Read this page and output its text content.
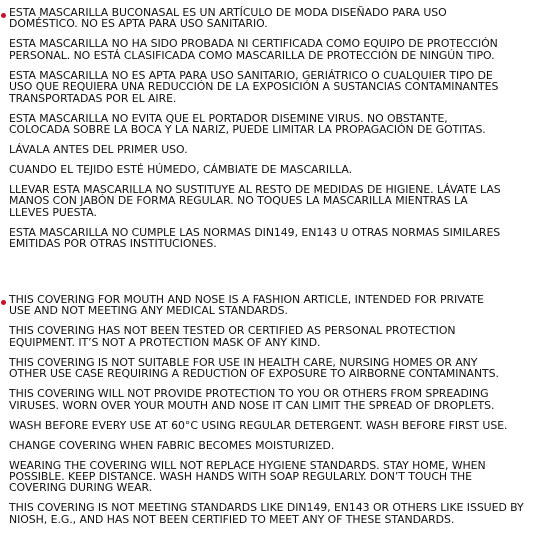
ESTA MASCARILLA BUCONASAL ES UN ARTÍCULO DE MODA DISEÑADO PARA USO
DOMÉSTICO. NO ES APTA PARA USO SANITARIO.

ESTA MASCARILLA NO HA SIDO PROBADA NI CERTIFICADA COMO EQUIPO DE PROTECCIÓN
PERSONAL. NO ESTÁ CLASIFICADA COMO MASCARILLA DE PROTECCIÓN DE NINGÚN TIPO.

ESTA MASCARILLA NO ES APTA PARA USO SANITARIO, GERIÁTRICO O CUALQUIER TIPO DE
USO QUE REQUIERA UNA REDUCCIÓN DE LA EXPOSICIÓN A SUSTANCIAS CONTAMINANTES
TRANSPORTADAS POR EL AIRE.

ESTA MASCARILLA NO EVITA QUE EL PORTADOR DISEMINE VIRUS. NO OBSTANTE,
COLOCADA SOBRE LA BOCA Y LA NARIZ, PUEDE LIMITAR LA PROPAGACIÓN DE GOTITAS.

LÁVALA ANTES DEL PRIMER USO.

CUANDO EL TEJIDO ESTÉ HÚMEDO, CÁMBIATE DE MASCARILLA.

LLEVAR ESTA MASCARILLA NO SUSTITUYE AL RESTO DE MEDIDAS DE HIGIENE. LÁVATE LAS
MANOS CON JABÓN DE FORMA REGULAR. NO TOQUES LA MASCARILLA MIENTRAS LA
LLEVES PUESTA.

ESTA MASCARILLA NO CUMPLE LAS NORMAS DIN149, EN143 U OTRAS NORMAS SIMILARES
EMITIDAS POR OTRAS INSTITUCIONES.

THIS COVERING FOR MOUTH AND NOSE IS A FASHION ARTICLE, INTENDED FOR PRIVATE
USE AND NOT MEETING ANY MEDICAL STANDARDS.

THIS COVERING HAS NOT BEEN TESTED OR CERTIFIED AS PERSONAL PROTECTION
EQUIPMENT. IT’S NOT A PROTECTION MASK OF ANY KIND.

THIS COVERING IS NOT SUITABLE FOR USE IN HEALTH CARE, NURSING HOMES OR ANY
OTHER USE CASE REQUIRING A REDUCTION OF EXPOSURE TO AIRBORNE CONTAMINANTS.

THIS COVERING WILL NOT PROVIDE PROTECTION TO YOU OR OTHERS FROM SPREADING
VIRUSES. WORN OVER YOUR MOUTH AND NOSE IT CAN LIMIT THE SPREAD OF DROPLETS.

WASH BEFORE EVERY USE AT 60°C USING REGULAR DETERGENT. WASH BEFORE FIRST USE.

CHANGE COVERING WHEN FABRIC BECOMES MOISTURIZED.

WEARING THE COVERING WILL NOT REPLACE HYGIENE STANDARDS. STAY HOME, WHEN
POSSIBLE. KEEP DISTANCE. WASH HANDS WITH SOAP REGULARLY. DON’T TOUCH THE
COVERING DURING WEAR.

THIS COVERING IS NOT MEETING STANDARDS LIKE DIN149, EN143 OR OTHERS LIKE ISSUED BY
NIOSH, E.G., AND HAS NOT BEEN CERTIFIED TO MEET ANY OF THESE STANDARDS.
